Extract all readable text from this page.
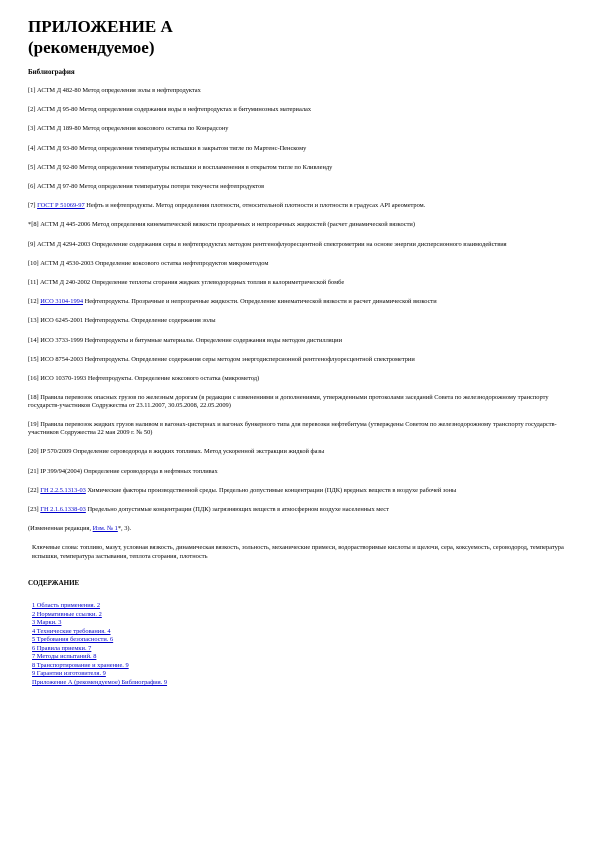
ПРИЛОЖЕНИЕ А
(рекомендуемое)

Библиография

[1] АСТМ Д 482-80 Метод определения золы в нефтепродуктах

[2] АСТМ Д 95-80 Метод определения содержания воды в нефтепродуктах и битуминозных материалах

[3] АСТМ Д 189-80 Метод определения коксового остатка по Конрадсону

[4] АСТМ Д 93-80 Метод определения температуры вспышки в закрытом тигле по Мартенс-Пенскому

[5] АСТМ Д 92-80 Метод определения температуры вспышки и воспламенения в открытом тигле по Кливленду

[6] АСТМ Д 97-80 Метод определения температуры потери текучести нефтепродуктов

[7] ГОСТ Р 51069-97 Нефть и нефтепродукты. Метод определения плотности, относительной плотности и плотности в градусах API ареометром.

*[8] АСТМ Д 445-2006 Метод определения кинематической вязкости прозрачных и непрозрачных жидкостей (расчет динамической вязкости)

[9] АСТМ Д 4294-2003 Определение содержания серы в нефтепродуктах методом рентгенофлуоресцентной спектрометрии на основе энергии дисперсионного взаимодействия

[10] АСТМ Д 4530-2003 Определение коксового остатка нефтепродуктов микрометодом

[11] АСТМ Д 240-2002 Определение теплоты сгорания жидких углеводородных топлив в калориметрической бомбе

[12] ИСО 3104-1994 Нефтепродукты. Прозрачные и непрозрачные жидкости. Определение кинематической вязкости и расчет динамической вязкости

[13] ИСО 6245-2001 Нефтепродукты. Определение содержания золы

[14] ИСО 3733-1999 Нефтепродукты и битумные материалы. Определение содержания воды методом дистилляции

[15] ИСО 8754-2003 Нефтепродукты. Определение содержания серы методом энергодисперсионной рентгенофлуоресцентной спектрометрии

[16] ИСО 10370-1993 Нефтепродукты. Определение коксового остатка (микрометод)

[18] Правила перевозок опасных грузов по железным дорогам (в редакции с изменениями и дополнениями, утвержденными протоколами заседаний Совета по железнодорожному транспорту государств-участников Содружества от 23.11.2007, 30.05.2008, 22.05.2009)

[19] Правила перевозок жидких грузов наливом в вагонах-цистернах и вагонах бункерного типа для перевозки нефтебитума (утверждены Советом по железнодорожному транспорту государств-участников Содружества 22 мая 2009 г. № 50)

[20] IP 570/2009 Определение сероводорода в жидких топливах. Метод ускоренной экстракции жидкой фазы

[21] IP 399/94(2004) Определение сероводорода в нефтяных топливах

[22] ГН 2.2.5.1313-03 Химические факторы производственной среды. Предельно допустимые концентрации (ПДК) вредных веществ в воздухе рабочей зоны

[23] ГН 2.1.6.1338-03 Предельно допустимые концентрации (ПДК) загрязняющих веществ в атмосферном воздухе населенных мест

(Измененная редакция, Изм. № 1*, 3).

Ключевые слова: топливо, мазут, условная вязкость, динамическая вязкость, зольность, механические примеси, водорастворимые кислоты и щелочи, сера, коксуемость, сероводород, температура вспышки, температура застывания, теплота сгорания, плотность

СОДЕРЖАНИЕ

1 Область применения. 2
2 Нормативные ссылки. 2
3 Марки. 3
4 Технические требования. 4
5 Требования безопасности. 6
6 Правила приемки. 7
7 Методы испытаний. 8
8 Транспортирование и хранение. 9
9 Гарантии изготовителя. 9
Приложение А (рекомендуемое) Библиография. 9
